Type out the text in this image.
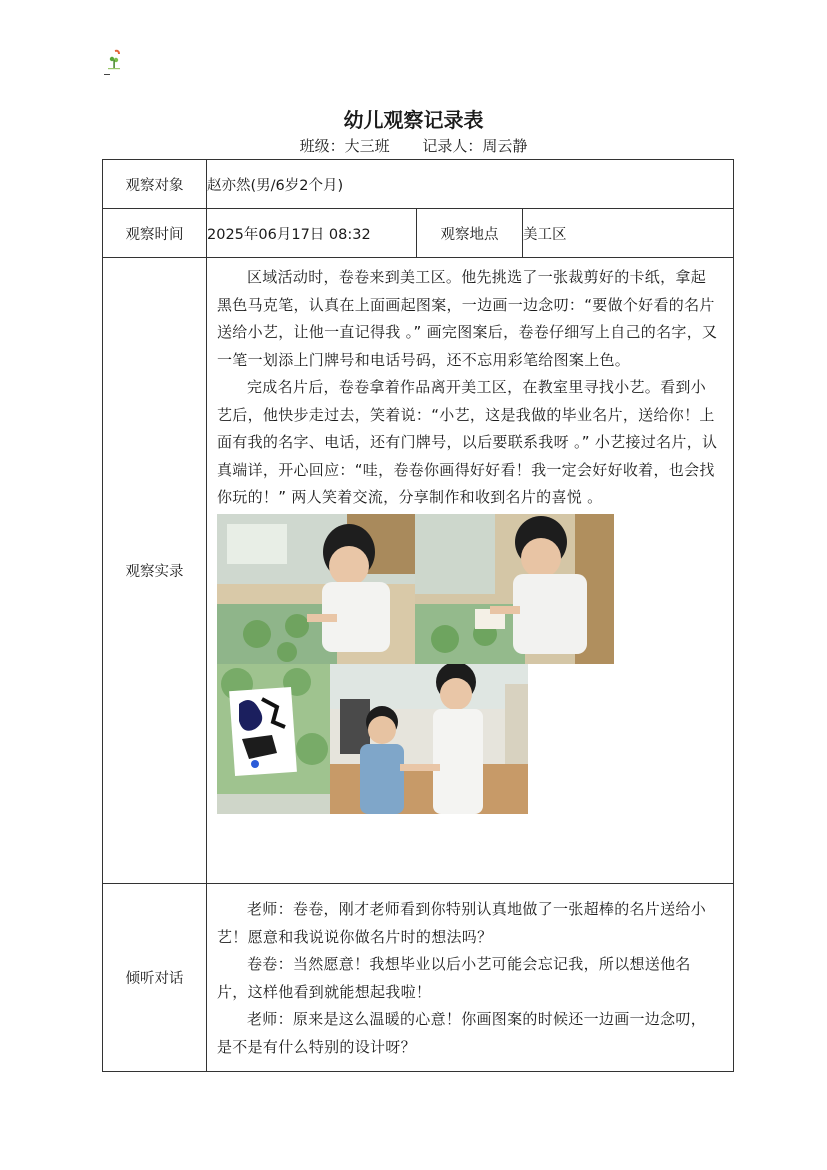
幼儿观察记录表
班级：大三班 记录人：周云静
观察对象	赵亦然(男/6岁2个月)		
观察时间	2025年06月17日 08:32	观察地点	美工区
观察实录	区域活动时，卷卷来到美工区。他先挑选了一张裁剪好的卡纸，拿起黑色马克笔，认真在上面画起图案，一边画一边念叨：“要做个好看的名片送给小艺，让他一直记得我 。” 画完图案后，卷卷仔细写上自己的名字，又一笔一划添上门牌号和电话号码，还不忘用彩笔给图案上色。

完成名片后，卷卷拿着作品离开美工区，在教室里寻找小艺。看到小艺后，他快步走过去，笑着说：“小艺，这是我做的毕业名片，送给你！上面有我的名字、电话，还有门牌号，以后要联系我呀 。” 小艺接过名片，认真端详，开心回应：“哇，卷卷你画得好好看！我一定会好好收着，也会找你玩的！” 两人笑着交流，分享制作和收到名片的喜悦 。		

倾听对话	老师：卷卷，刚才老师看到你特别认真地做了一张超棒的名片送给小艺！愿意和我说说你做名片时的想法吗？

卷卷：当然愿意！我想毕业以后小艺可能会忘记我，所以想送他名片，这样他看到就能想起我啦！

老师：原来是这么温暖的心意！你画图案的时候还一边画一边念叨，是不是有什么特别的设计呀？		
